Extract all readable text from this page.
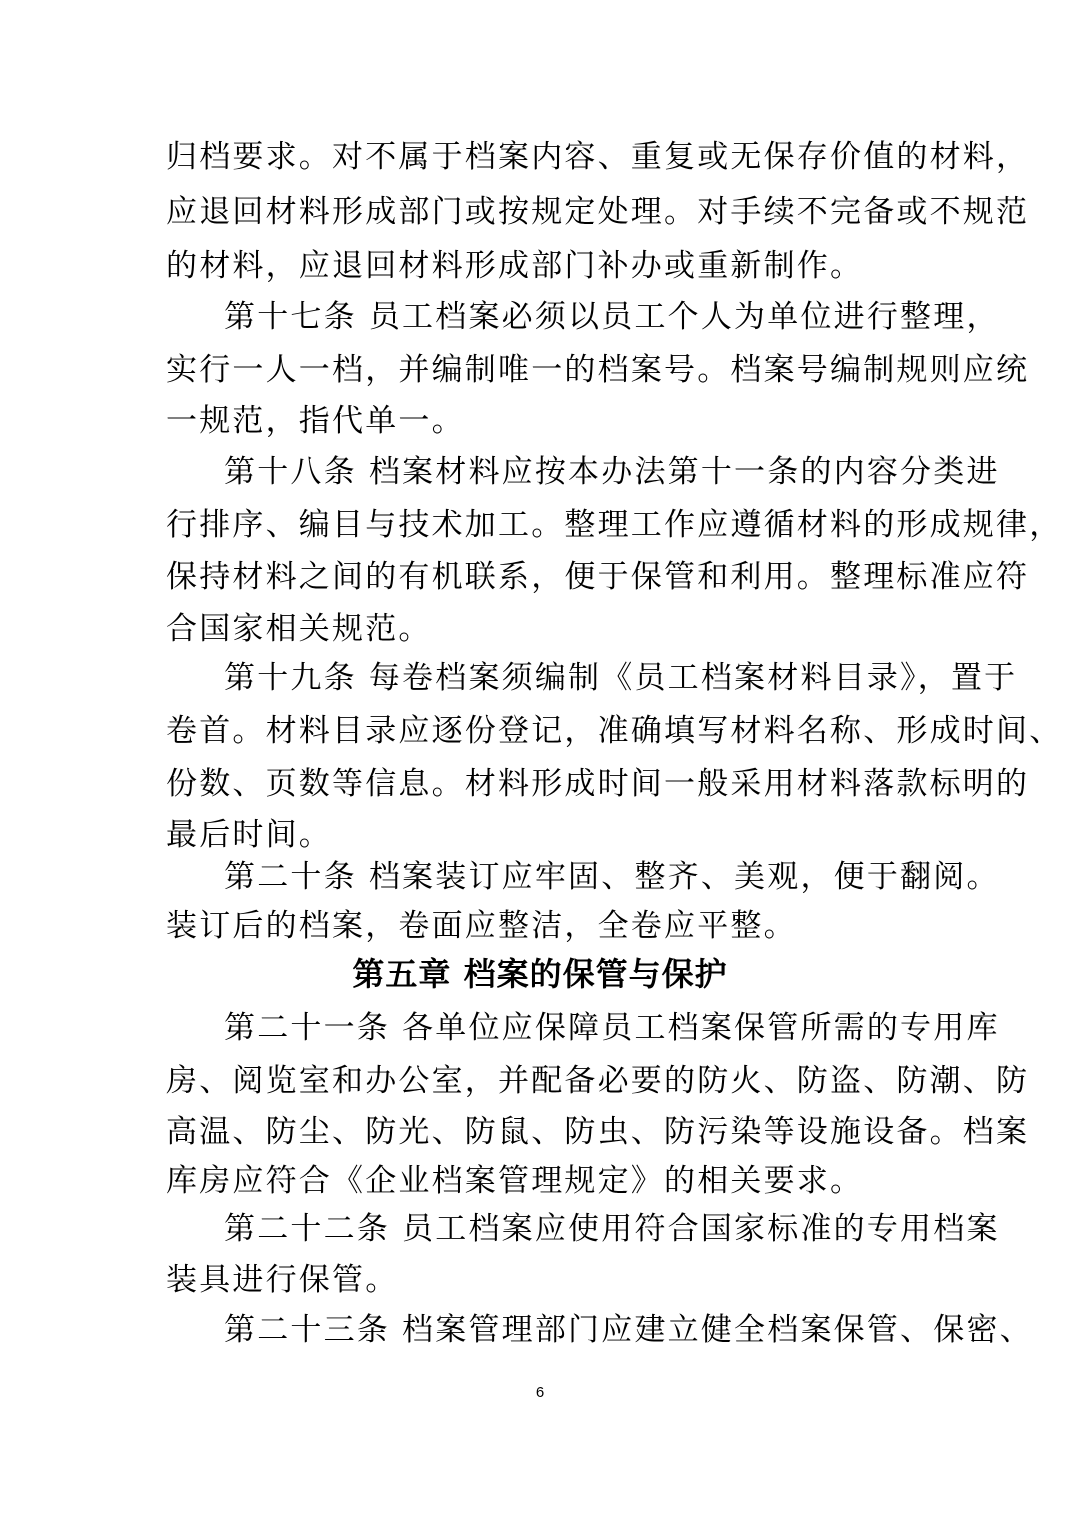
归档要求。对不属于档案内容、重复或无保存价值的材料，
应退回材料形成部门或按规定处理。对手续不完备或不规范
的材料，应退回材料形成部门补办或重新制作。
第十七条 员工档案必须以员工个人为单位进行整理，
实行一人一档，并编制唯一的档案号。档案号编制规则应统
一规范，指代单一。
第十八条 档案材料应按本办法第十一条的内容分类进
行排序、编目与技术加工。整理工作应遵循材料的形成规律，
保持材料之间的有机联系，便于保管和利用。整理标准应符
合国家相关规范。
第十九条 每卷档案须编制《员工档案材料目录》，置于
卷首。材料目录应逐份登记，准确填写材料名称、形成时间、
份数、页数等信息。材料形成时间一般采用材料落款标明的
最后时间。
第二十条 档案装订应牢固、整齐、美观，便于翻阅。
装订后的档案，卷面应整洁，全卷应平整。
第五章 档案的保管与保护
第二十一条 各单位应保障员工档案保管所需的专用库
房、阅览室和办公室，并配备必要的防火、防盗、防潮、防
高温、防尘、防光、防鼠、防虫、防污染等设施设备。档案
库房应符合《企业档案管理规定》的相关要求。
第二十二条 员工档案应使用符合国家标准的专用档案
装具进行保管。
第二十三条 档案管理部门应建立健全档案保管、保密、
6
